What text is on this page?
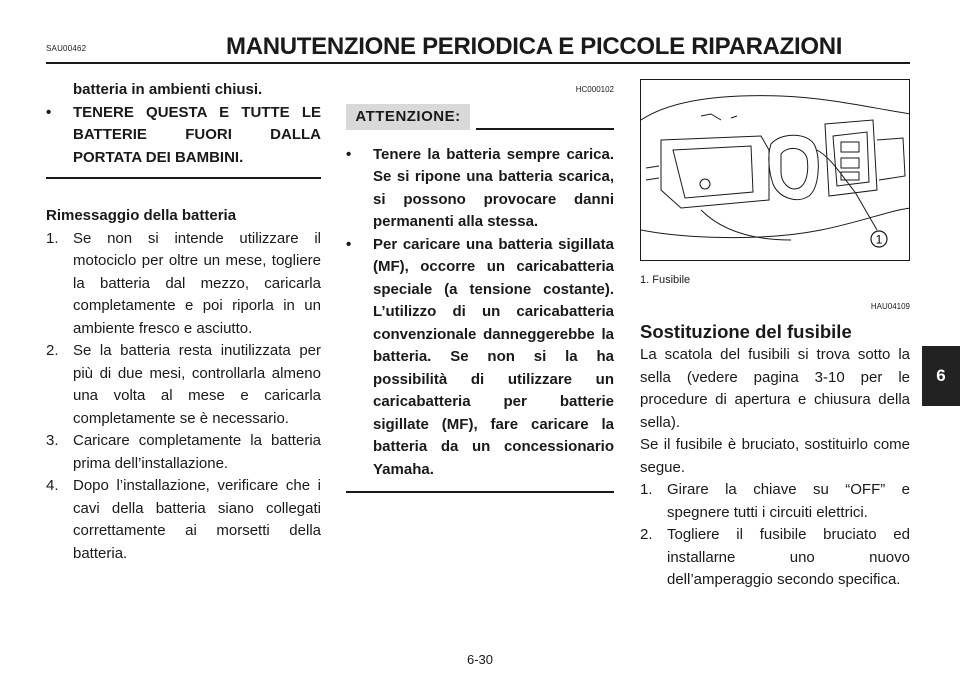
SAU00462	MANUTENZIONE PERIODICA E PICCOLE RIPARAZIONI

batteria in ambienti chiusi.

•	TENERE QUESTA E TUTTE LE BATTERIE FUORI DALLA PORTATA DEI BAMBINI.

Rimessaggio della batteria

1. Se non si intende utilizzare il motociclo per oltre un mese, togliere la batteria dal mezzo, caricarla completamente e poi riporla in un ambiente fresco e asciutto.
2. Se la batteria resta inutilizzata per più di due mesi, controllarla almeno una volta al mese e caricarla completamente se è necessario.
3. Caricare completamente la batteria prima dell’installazione.
4. Dopo l’installazione, verificare che i cavi della batteria siano collegati correttamente ai morsetti della batteria.
HC000102
ATTENZIONE:
•	Tenere la batteria sempre carica. Se si ripone una batteria scarica, si possono provocare danni permanenti alla stessa.
•	Per caricare una batteria sigillata (MF), occorre un caricabatteria speciale (a tensione costante). L’utilizzo di un caricabatteria convenzionale danneggerebbe la batteria. Se non si la ha possibilità di utilizzare un caricabatteria per batterie sigillate (MF), fare caricare la batteria da un concessionario Yamaha.
1
1. Fusibile
HAU04109
Sostituzione del fusibile

La scatola del fusibili si trova sotto la sella (vedere pagina 3-10 per le procedure di apertura e chiusura della sella).

Se il fusibile è bruciato, sostituirlo come segue.

1. Girare la chiave su “OFF” e spegnere tutti i circuiti elettrici.
2. Togliere il fusibile bruciato ed installarne uno nuovo dell’amperaggio secondo specifica.
6
6-30
